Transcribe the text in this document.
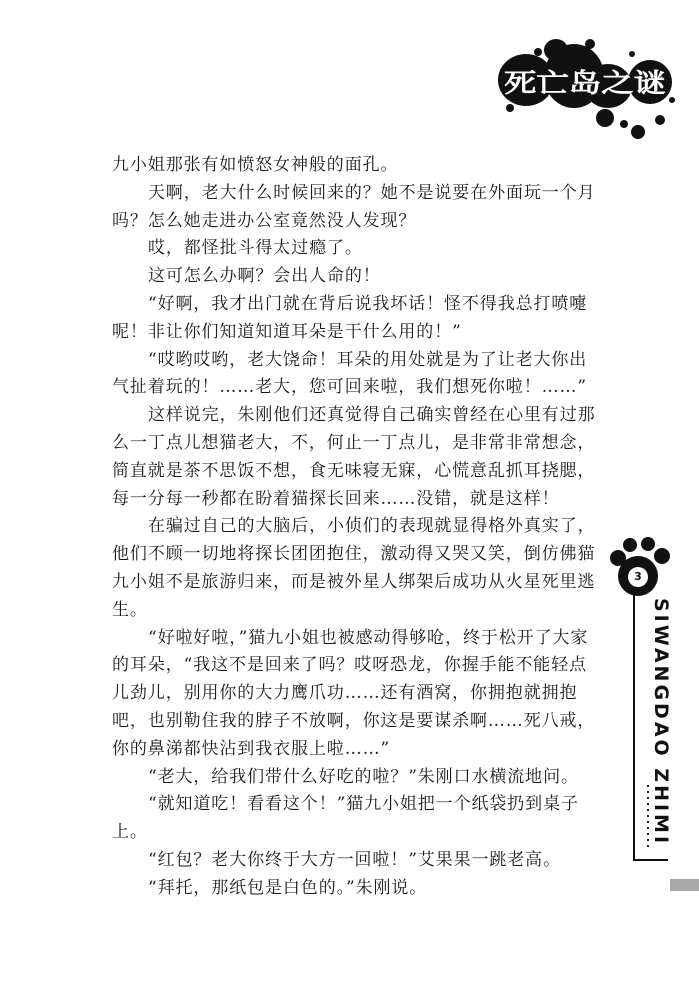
死亡岛之谜

九小姐那张有如愤怒女神般的面孔。

天啊，老大什么时候回来的？她不是说要在外面玩一个月吗？怎么她走进办公室竟然没人发现？

哎，都怪批斗得太过瘾了。

这可怎么办啊？会出人命的！

“好啊，我才出门就在背后说我坏话！怪不得我总打喷嚏呢！非让你们知道知道耳朵是干什么用的！”

“哎哟哎哟，老大饶命！耳朵的用处就是为了让老大你出气扯着玩的！……老大，您可回来啦，我们想死你啦！……”

这样说完，朱刚他们还真觉得自己确实曾经在心里有过那么一丁点儿想猫老大，不，何止一丁点儿，是非常非常想念，简直就是茶不思饭不想，食无味寝无寐，心慌意乱抓耳挠腮，每一分每一秒都在盼着猫探长回来……没错，就是这样！

在骗过自己的大脑后，小侦们的表现就显得格外真实了，他们不顾一切地将探长团团抱住，激动得又哭又笑，倒仿佛猫九小姐不是旅游归来，而是被外星人绑架后成功从火星死里逃生。

“好啦好啦，”猫九小姐也被感动得够呛，终于松开了大家的耳朵，“我这不是回来了吗？哎呀恐龙，你握手能不能轻点儿劲儿，别用你的大力鹰爪功……还有酒窝，你拥抱就拥抱吧，也别勒住我的脖子不放啊，你这是要谋杀啊……死八戒，你的鼻涕都快沾到我衣服上啦……”

“老大，给我们带什么好吃的啦？”朱刚口水横流地问。

“就知道吃！看看这个！”猫九小姐把一个纸袋扔到桌子上。

“红包？老大你终于大方一回啦！”艾果果一跳老高。

“拜托，那纸包是白色的。”朱刚说。

3
SIWANGDAO ZHIMI
